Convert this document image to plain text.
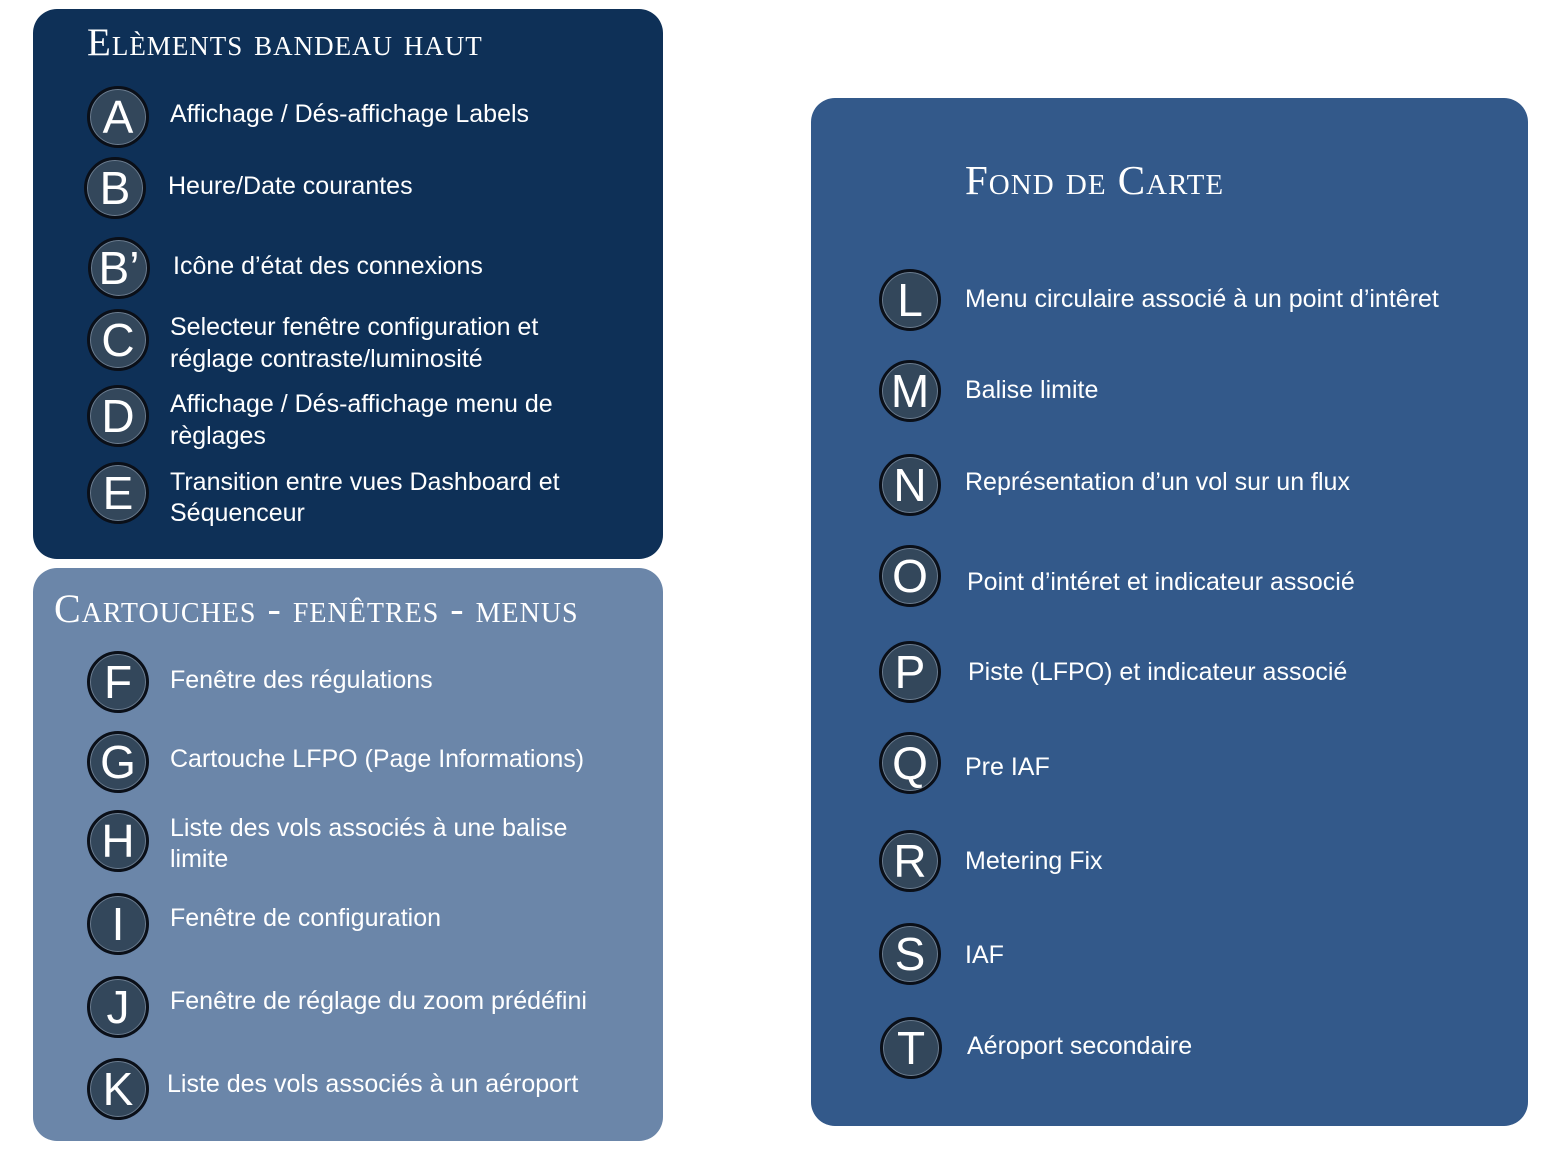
Elèments bandeau haut
A	Affichage / Dés-affichage Labels
B	Heure/Date courantes
B’	Icône d’état des connexions
C	Selecteur fenêtre configuration et
réglage contraste/luminosité
D	Affichage / Dés-affichage menu de
règlages
E	Transition entre vues Dashboard et
Séquenceur
Cartouches - fenêtres - menus
F	Fenêtre des régulations
G	Cartouche LFPO (Page Informations)
H	Liste des vols associés à une balise
limite
I	Fenêtre de configuration
J	Fenêtre de réglage du zoom prédéfini
K	Liste des vols associés à un aéroport
Fond de Carte
L	Menu circulaire associé à un point d’intêret
M	Balise limite
N	Représentation d’un vol sur un flux
O	Point d’intéret et indicateur associé
P	Piste (LFPO) et indicateur associé
Q	Pre IAF
R	Metering Fix
S	IAF
T	Aéroport secondaire
